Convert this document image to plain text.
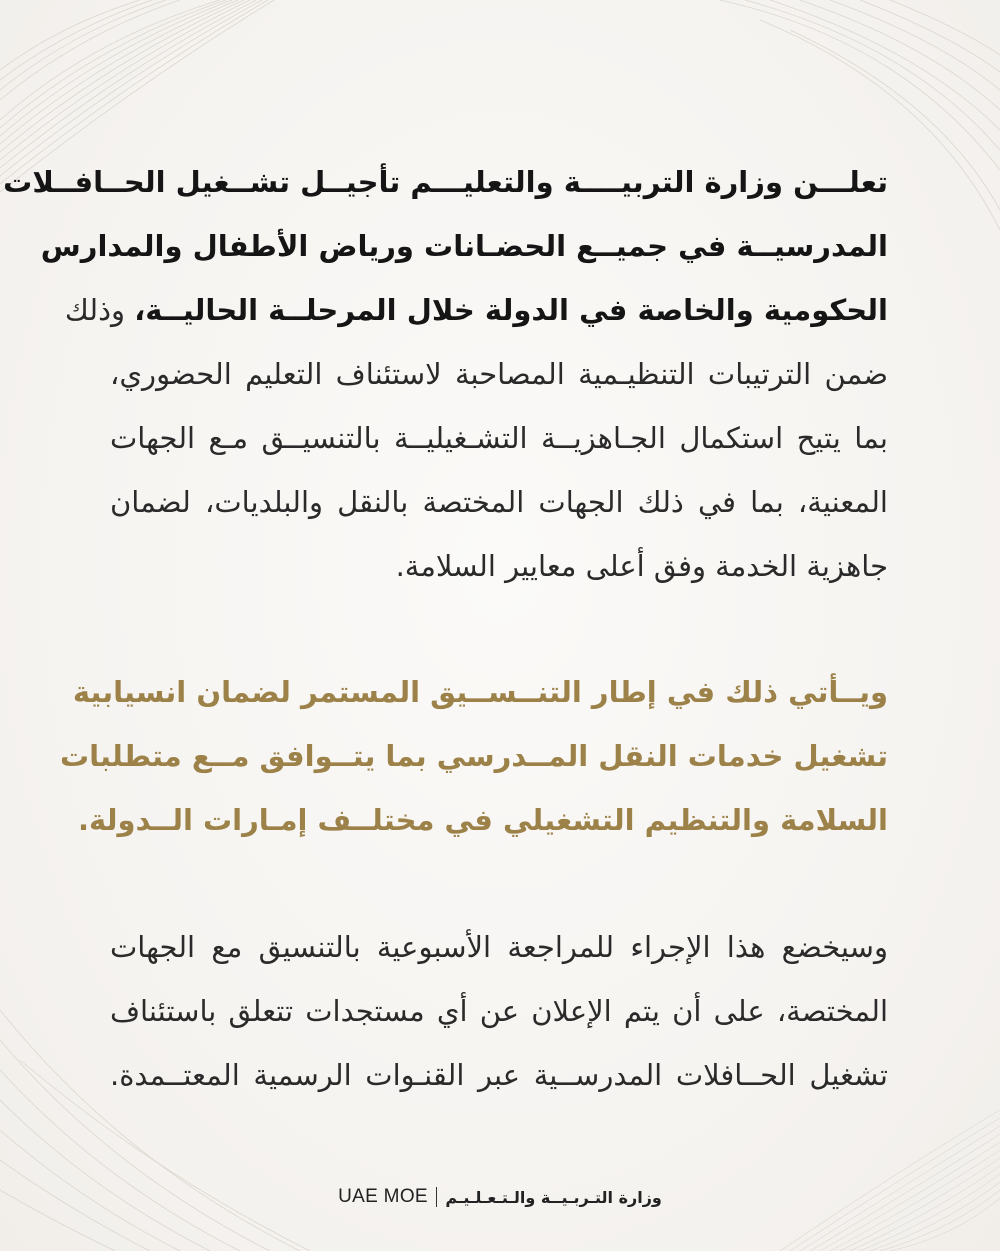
تعلـــن وزارة التربيــــة والتعليـــم تأجيــل تشــغيل الحــافــلات
المدرسيــة في جميــع الحضـانات ورياض الأطفال والمدارس
الحكومية والخاصة في الدولة خلال المرحلــة الحاليــة، وذلك
ضمن الترتيبات التنظيـمية المصاحبة لاستئناف التعليم الحضوري،
بما يتيح استكمال الجـاهزيــة التشـغيليــة بالتنسيــق مـع الجهات
المعنية، بما في ذلك الجهات المختصة بالنقل والبلديات، لضمان
جاهزية الخدمة وفق أعلى معايير السلامة.
ويــأتي ذلك في إطار التنــســيق المستمر لضمان انسيابية
تشغيل خدمات النقل المــدرسي بما يتــوافق مــع متطلبات
السلامة والتنظيم التشغيلي في مختلــف إمـارات الــدولة.
وسيخضع هذا الإجراء للمراجعة الأسبوعية بالتنسيق مع الجهات
المختصة، على أن يتم الإعلان عن أي مستجدات تتعلق باستئناف
تشغيل الحــافلات المدرســية عبر القنـوات الرسمية المعتــمدة.
UAE MOE وزارة التـربـيــة والـتـعـلـيـم
